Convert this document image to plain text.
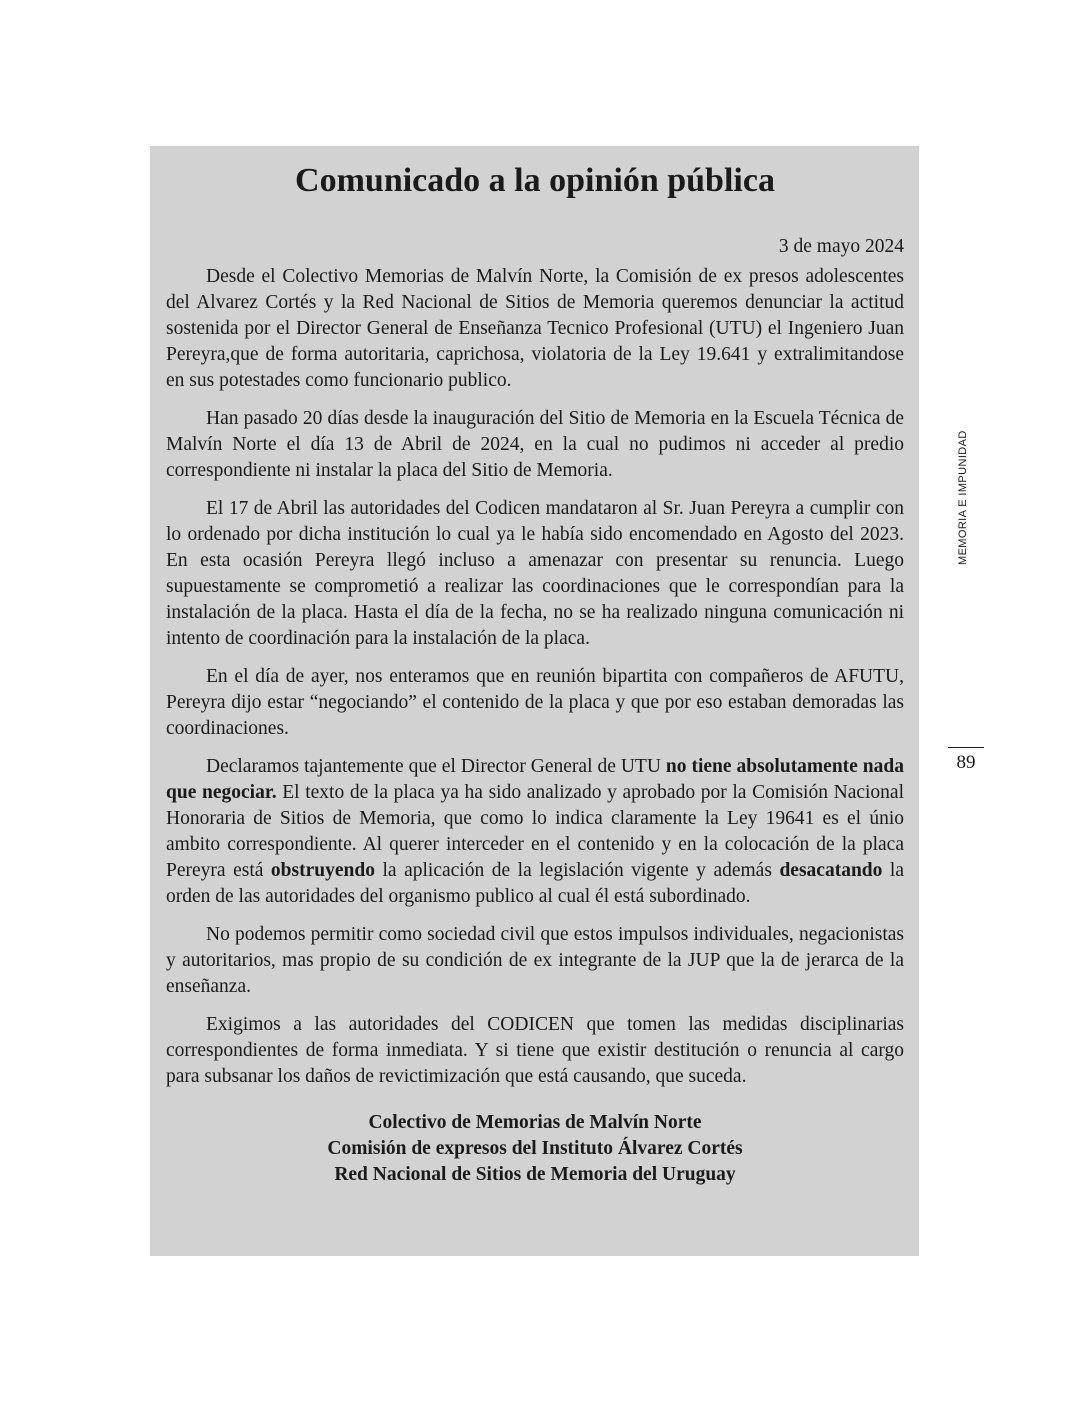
Comunicado a la opinión pública
3 de mayo 2024

Desde el Colectivo Memorias de Malvín Norte, la Comisión de ex presos adolescentes del Alvarez Cortés y la Red Nacional de Sitios de Memoria queremos denunciar la actitud sostenida por el Director General de Enseñanza Tecnico Profesional (UTU) el Ingeniero Juan Pereyra,que de forma autoritaria, caprichosa, violatoria de la Ley 19.641 y extralimitandose en sus potestades como funcionario publico.

Han pasado 20 días desde la inauguración del Sitio de Memoria en la Escuela Técnica de Malvín Norte el día 13 de Abril de 2024, en la cual no pudimos ni acceder al predio correspondiente ni instalar la placa del Sitio de Memoria.

El 17 de Abril las autoridades del Codicen mandataron al Sr. Juan Pereyra a cumplir con lo ordenado por dicha institución lo cual ya le había sido encomendado en Agosto del 2023. En esta ocasión Pereyra llegó incluso a amenazar con presentar su renuncia. Luego supuestamente se comprometió a realizar las coordinaciones que le correspondían para la instalación de la placa. Hasta el día de la fecha, no se ha realizado ninguna comunicación ni intento de coordinación para la instalación de la placa.

En el día de ayer, nos enteramos que en reunión bipartita con compañeros de AFUTU, Pereyra dijo estar “negociando” el contenido de la placa y que por eso estaban demoradas las coordinaciones.

Declaramos tajantemente que el Director General de UTU no tiene absolutamente nada que negociar. El texto de la placa ya ha sido analizado y aprobado por la Comisión Nacional Honoraria de Sitios de Memoria, que como lo indica claramente la Ley 19641 es el únio ambito correspondiente. Al querer interceder en el contenido y en la colocación de la placa Pereyra está obstruyendo la aplicación de la legislación vigente y además desacatando la orden de las autoridades del organismo publico al cual él está subordinado.

No podemos permitir como sociedad civil que estos impulsos individuales, negacionistas y autoritarios, mas propio de su condición de ex integrante de la JUP que la de jerarca de la enseñanza.

Exigimos a las autoridades del CODICEN que tomen las medidas disciplinarias correspondientes de forma inmediata. Y si tiene que existir destitución o renuncia al cargo para subsanar los daños de revictimización que está causando, que suceda.

Colectivo de Memorias de Malvín Norte
Comisión de expresos del Instituto Álvarez Cortés
Red Nacional de Sitios de Memoria del Uruguay
MEMORIA E IMPUNIDAD
89
